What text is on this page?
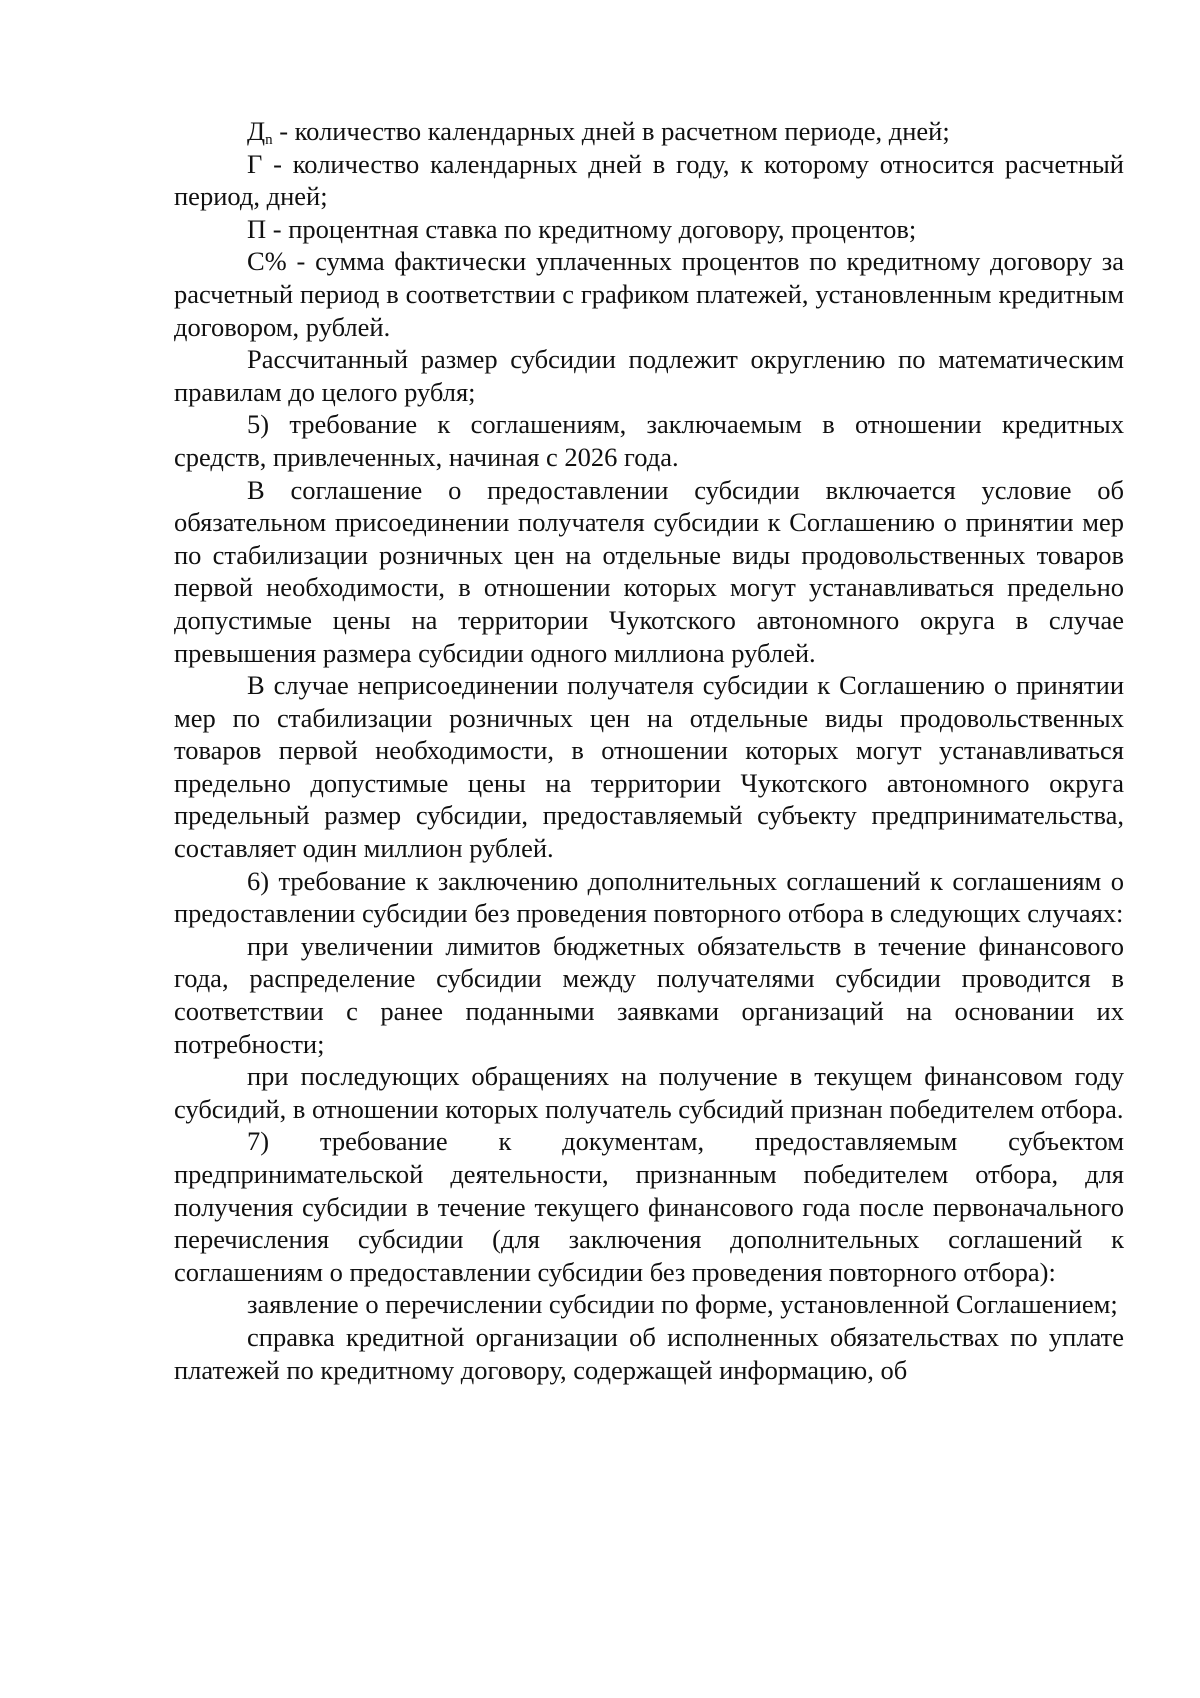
$Д_n$ - количество календарных дней в расчетном периоде, дней;

Г - количество календарных дней в году, к которому относится расчетный период, дней;

П - процентная ставка по кредитному договору, процентов;

С% - сумма фактически уплаченных процентов по кредитному договору за расчетный период в соответствии с графиком платежей, установленным кредитным договором, рублей.

Рассчитанный размер субсидии подлежит округлению по математическим правилам до целого рубля;

5) требование к соглашениям, заключаемым в отношении кредитных средств, привлеченных, начиная с 2026 года.

В соглашение о предоставлении субсидии включается условие об обязательном присоединении получателя субсидии к Соглашению о принятии мер по стабилизации розничных цен на отдельные виды продовольственных товаров первой необходимости, в отношении которых могут устанавливаться предельно допустимые цены на территории Чукотского автономного округа в случае превышения размера субсидии одного миллиона рублей.

В случае неприсоединении получателя субсидии к Соглашению о принятии мер по стабилизации розничных цен на отдельные виды продовольственных товаров первой необходимости, в отношении которых могут устанавливаться предельно допустимые цены на территории Чукотского автономного округа предельный размер субсидии, предоставляемый субъекту предпринимательства, составляет один миллион рублей.

6) требование к заключению дополнительных соглашений к соглашениям о предоставлении субсидии без проведения повторного отбора в следующих случаях:

при увеличении лимитов бюджетных обязательств в течение финансового года, распределение субсидии между получателями субсидии проводится в соответствии с ранее поданными заявками организаций на основании их потребности;

при последующих обращениях на получение в текущем финансовом году субсидий, в отношении которых получатель субсидий признан победителем отбора.

7) требование к документам, предоставляемым субъектом предпринимательской деятельности, признанным победителем отбора, для получения субсидии в течение текущего финансового года после первоначального перечисления субсидии (для заключения дополнительных соглашений к соглашениям о предоставлении субсидии без проведения повторного отбора):

заявление о перечислении субсидии по форме, установленной Соглашением;

справка кредитной организации об исполненных обязательствах по уплате платежей по кредитному договору, содержащей информацию, об
